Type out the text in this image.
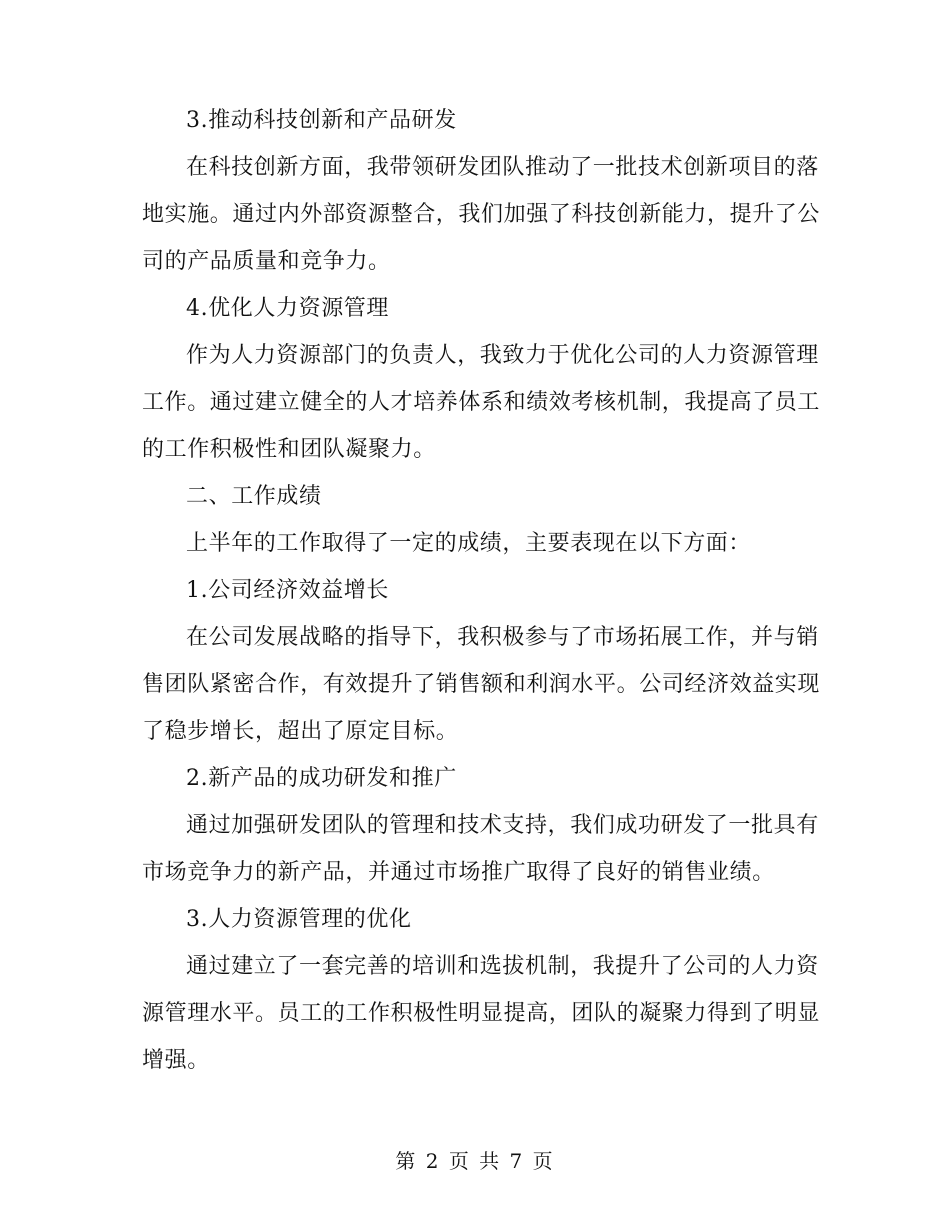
3.推动科技创新和产品研发

在科技创新方面，我带领研发团队推动了一批技术创新项目的落

地实施。通过内外部资源整合，我们加强了科技创新能力，提升了公

司的产品质量和竞争力。

4.优化人力资源管理

作为人力资源部门的负责人，我致力于优化公司的人力资源管理

工作。通过建立健全的人才培养体系和绩效考核机制，我提高了员工

的工作积极性和团队凝聚力。

二、工作成绩

上半年的工作取得了一定的成绩，主要表现在以下方面：

1.公司经济效益增长

在公司发展战略的指导下，我积极参与了市场拓展工作，并与销

售团队紧密合作，有效提升了销售额和利润水平。公司经济效益实现

了稳步增长，超出了原定目标。

2.新产品的成功研发和推广

通过加强研发团队的管理和技术支持，我们成功研发了一批具有

市场竞争力的新产品，并通过市场推广取得了良好的销售业绩。

3.人力资源管理的优化

通过建立了一套完善的培训和选拔机制，我提升了公司的人力资

源管理水平。员工的工作积极性明显提高，团队的凝聚力得到了明显

增强。

第 2 页 共 7 页
